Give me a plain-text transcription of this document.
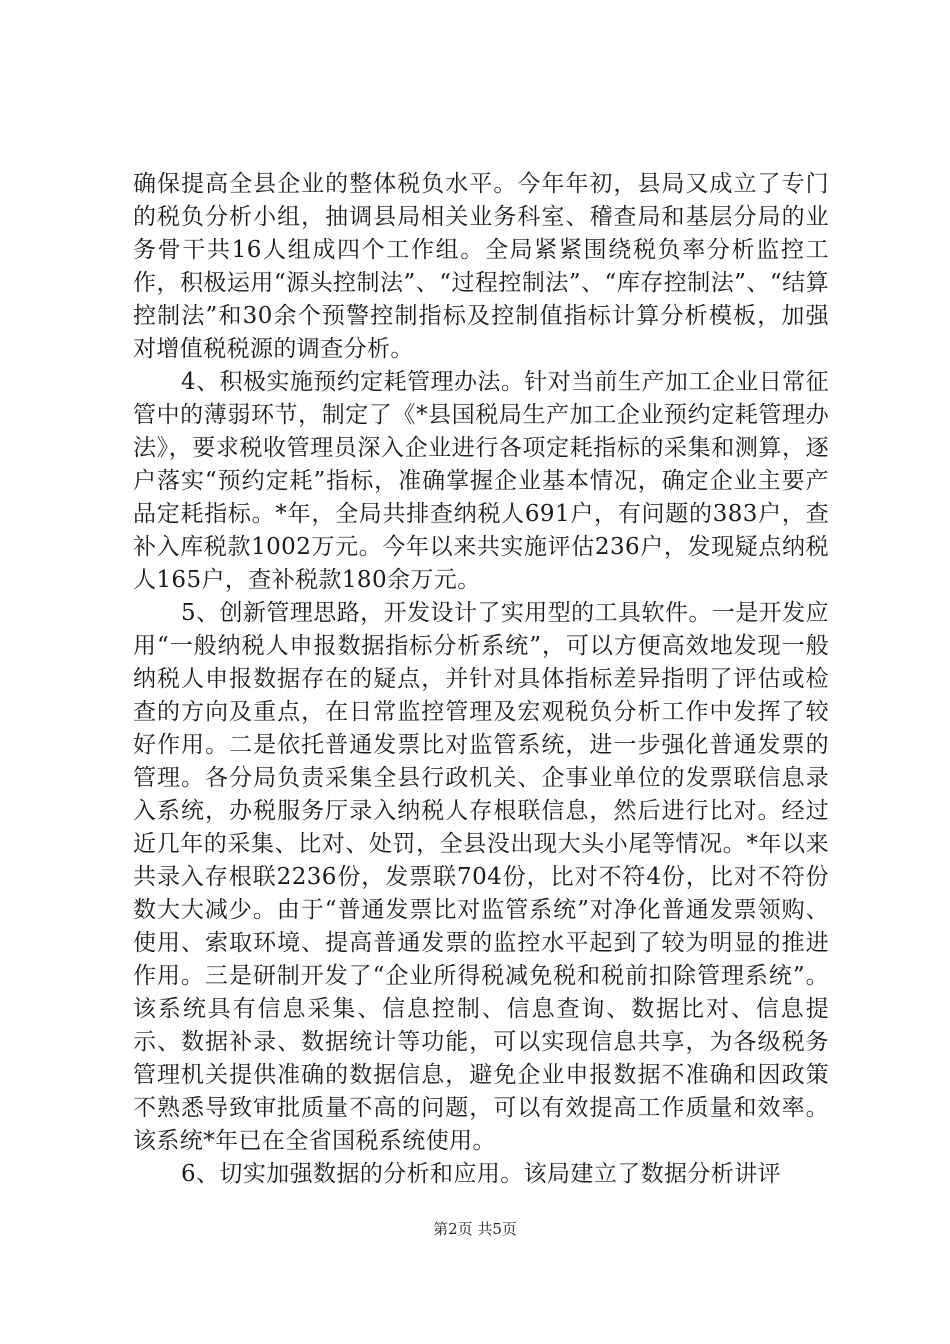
确保提高全县企业的整体税负水平。今年年初，县局又成立了专门的税负分析小组，抽调县局相关业务科室、稽查局和基层分局的业务骨干共16人组成四个工作组。全局紧紧围绕税负率分析监控工作，积极运用“源头控制法”、“过程控制法”、“库存控制法”、“结算控制法”和30余个预警控制指标及控制值指标计算分析模板，加强对增值税税源的调查分析。

4、积极实施预约定耗管理办法。针对当前生产加工企业日常征管中的薄弱环节，制定了《*县国税局生产加工企业预约定耗管理办法》，要求税收管理员深入企业进行各项定耗指标的采集和测算，逐户落实“预约定耗”指标，准确掌握企业基本情况，确定企业主要产品定耗指标。*年，全局共排查纳税人691户，有问题的383户，查补入库税款1002万元。今年以来共实施评估236户，发现疑点纳税人165户，查补税款180余万元。

5、创新管理思路，开发设计了实用型的工具软件。一是开发应用“一般纳税人申报数据指标分析系统”，可以方便高效地发现一般纳税人申报数据存在的疑点，并针对具体指标差异指明了评估或检查的方向及重点，在日常监控管理及宏观税负分析工作中发挥了较好作用。二是依托普通发票比对监管系统，进一步强化普通发票的管理。各分局负责采集全县行政机关、企事业单位的发票联信息录入系统，办税服务厅录入纳税人存根联信息，然后进行比对。经过近几年的采集、比对、处罚，全县没出现大头小尾等情况。*年以来共录入存根联2236份，发票联704份，比对不符4份，比对不符份数大大减少。由于“普通发票比对监管系统”对净化普通发票领购、使用、索取环境、提高普通发票的监控水平起到了较为明显的推进作用。三是研制开发了“企业所得税减免税和税前扣除管理系统”。该系统具有信息采集、信息控制、信息查询、数据比对、信息提示、数据补录、数据统计等功能，可以实现信息共享，为各级税务管理机关提供准确的数据信息，避免企业申报数据不准确和因政策不熟悉导致审批质量不高的问题，可以有效提高工作质量和效率。该系统*年已在全省国税系统使用。

6、切实加强数据的分析和应用。该局建立了数据分析讲评

第2页 共5页
